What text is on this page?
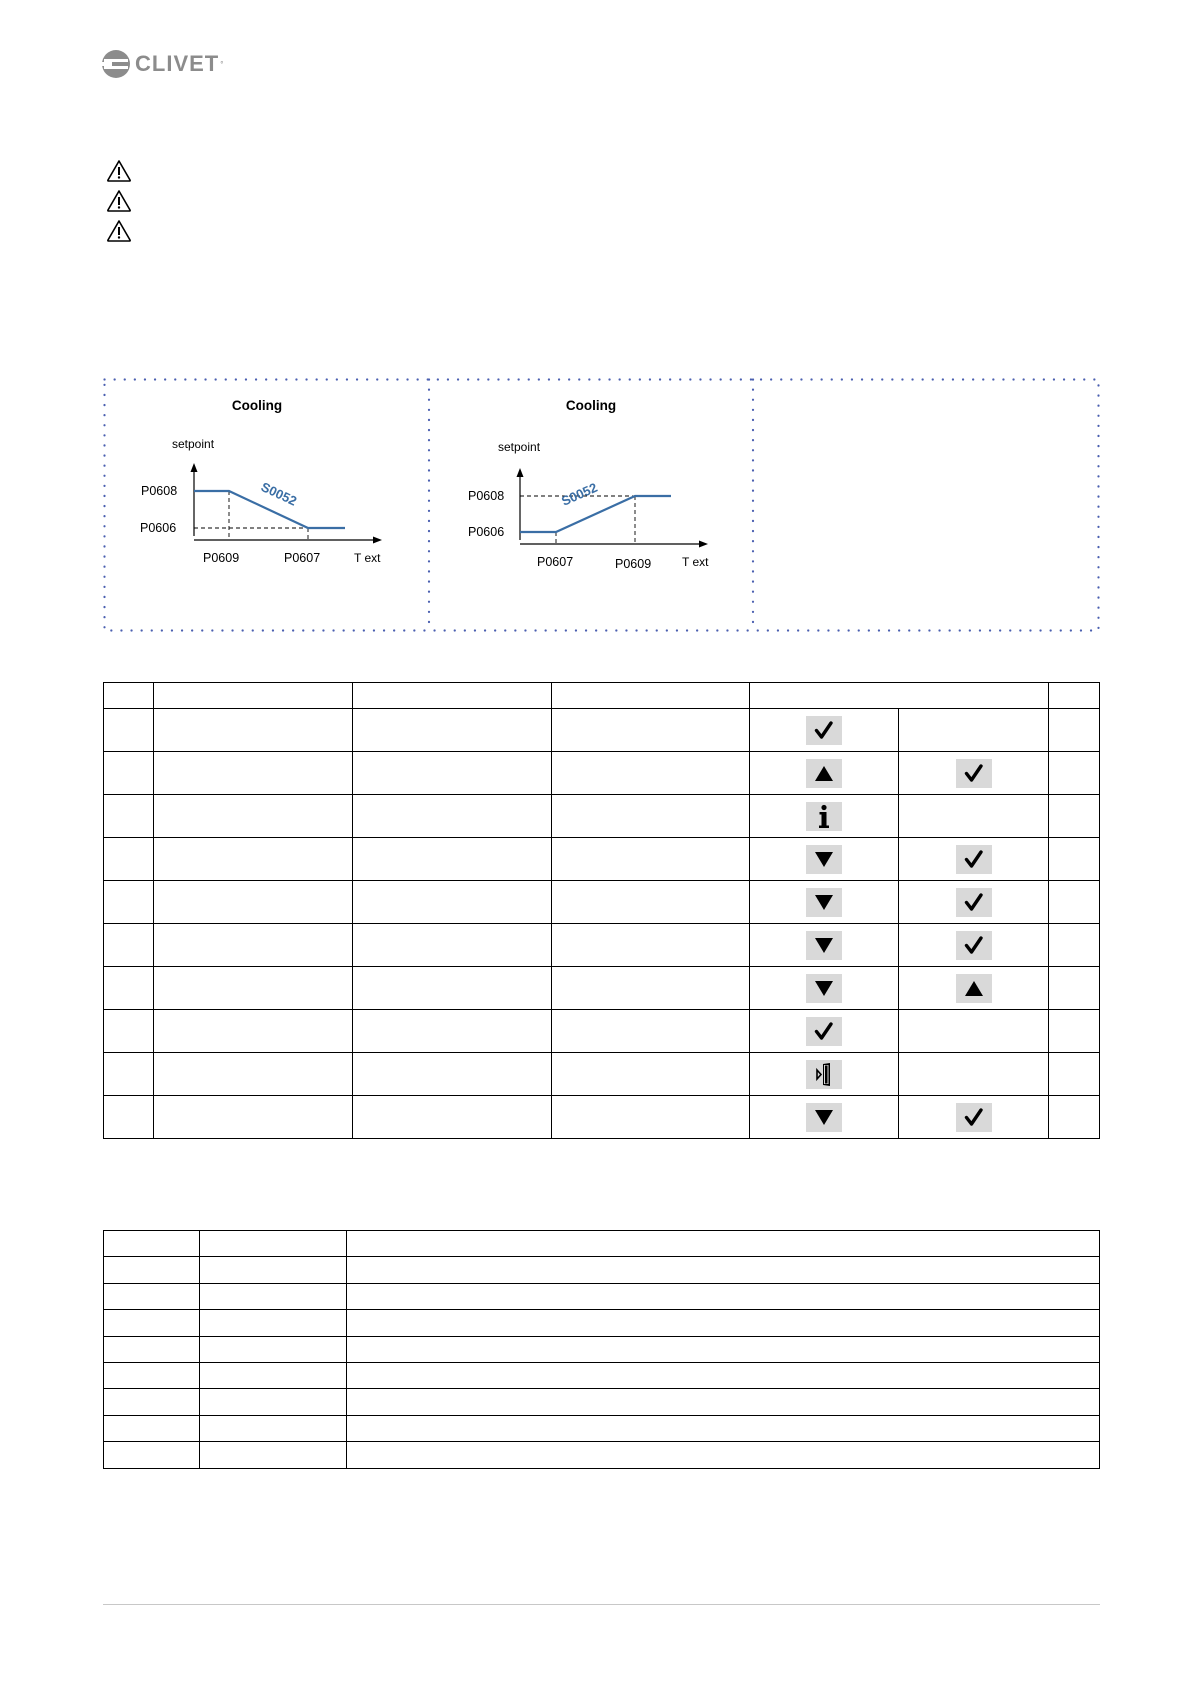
CLIVET °
Cooling
setpoint
S0052
P0608
P0606
P0609	P0607	T ext
Cooling
setpoint
S0052
P0608
P0606
P0607	P0609	T ext
